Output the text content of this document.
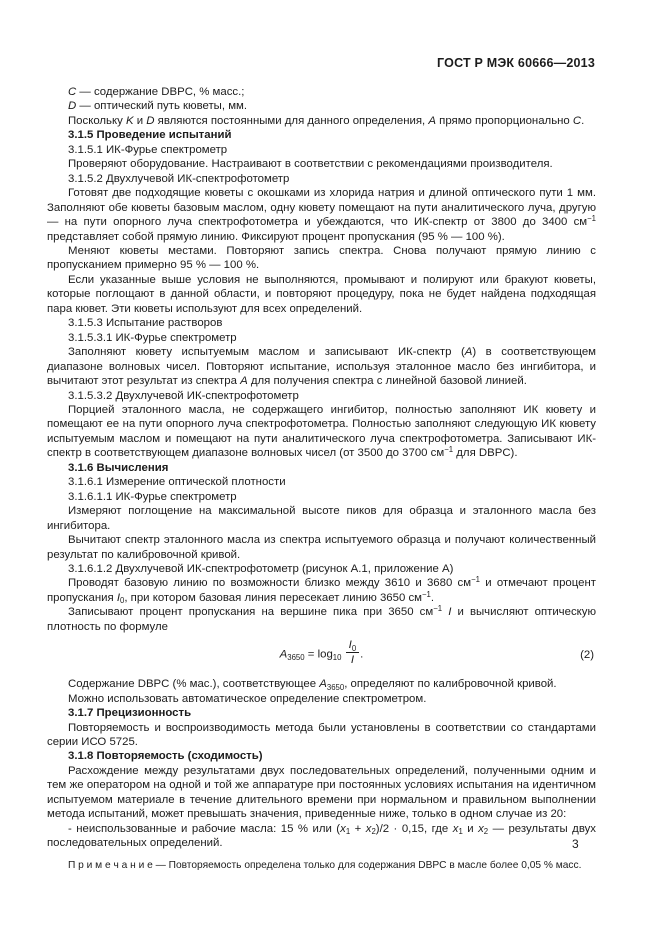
ГОСТ Р МЭК 60666—2013

C — содержание DBPC, % масс.;

D — оптический путь кюветы, мм.

Поскольку K и D являются постоянными для данного определения, A прямо пропорционально C.

3.1.5 Проведение испытаний

3.1.5.1 ИК-Фурье спектрометр

Проверяют оборудование. Настраивают в соответствии с рекомендациями производителя.

3.1.5.2 Двухлучевой ИК-спектрофотометр

Готовят две подходящие кюветы с окошками из хлорида натрия и длиной оптического пути 1 мм. Заполняют обе кюветы базовым маслом, одну кювету помещают на пути аналитического луча, другую — на пути опорного луча спектрофотометра и убеждаются, что ИК-спектр от 3800 до 3400 $см^{-1}$ представляет собой прямую линию. Фиксируют процент пропускания (95 % — 100 %).

Меняют кюветы местами. Повторяют запись спектра. Снова получают прямую линию с пропусканием примерно 95 % — 100 %.

Если указанные выше условия не выполняются, промывают и полируют или бракуют кюветы, которые поглощают в данной области, и повторяют процедуру, пока не будет найдена подходящая пара кювет. Эти кюветы используют для всех определений.

3.1.5.3 Испытание растворов

3.1.5.3.1 ИК-Фурье спектрометр

Заполняют кювету испытуемым маслом и записывают ИК-спектр (А) в соответствующем диапазоне волновых чисел. Повторяют испытание, используя эталонное масло без ингибитора, и вычитают этот результат из спектра А для получения спектра с линейной базовой линией.

3.1.5.3.2 Двухлучевой ИК-спектрофотометр

Порцией эталонного масла, не содержащего ингибитор, полностью заполняют ИК кювету и помещают ее на пути опорного луча спектрофотометра. Полностью заполняют следующую ИК кювету испытуемым маслом и помещают на пути аналитического луча спектрофотометра. Записывают ИК-спектр в соответствующем диапазоне волновых чисел (от 3500 до 3700 $см^{-1}$ для DBPC).

3.1.6 Вычисления

3.1.6.1 Измерение оптической плотности

3.1.6.1.1 ИК-Фурье спектрометр

Измеряют поглощение на максимальной высоте пиков для образца и эталонного масла без ингибитора.

Вычитают спектр эталонного масла из спектра испытуемого образца и получают количественный результат по калибровочной кривой.

3.1.6.1.2 Двухлучевой ИК-спектрофотометр (рисунок А.1, приложение А)

Проводят базовую линию по возможности близко между 3610 и 3680 $см^{-1}$ и отмечают процент пропускания $I_0$, при котором базовая линия пересекает линию 3650 $см^{-1}$.

Записывают процент пропускания на вершине пика при 3650 $см^{-1}$ I и вычисляют оптическую плотность по формуле

$A_{3650} = \log_{10} \frac{I_0}{I}$ .	(2)

Содержание DBPC (% мас.), соответствующее $A_{3650}$, определяют по калибровочной кривой.

Можно использовать автоматическое определение спектрометром.

3.1.7 Прецизионность

Повторяемость и воспроизводимость метода были установлены в соответствии со стандартами серии ИСО 5725.

3.1.8 Повторяемость (сходимость)

Расхождение между результатами двух последовательных определений, полученными одним и тем же оператором на одной и той же аппаратуре при постоянных условиях испытания на идентичном испытуемом материале в течение длительного времени при нормальном и правильном выполнении метода испытаний, может превышать значения, приведенные ниже, только в одном случае из 20:

- неиспользованные и рабочие масла: 15 % или $(x_1 + x_2)/2 \cdot 0,15$, где $x_1$ и $x_2$ — результаты двух последовательных определений.

П р и м е ч а н и е — Повторяемость определена только для содержания DBPC в масле более 0,05 % масс.

3
